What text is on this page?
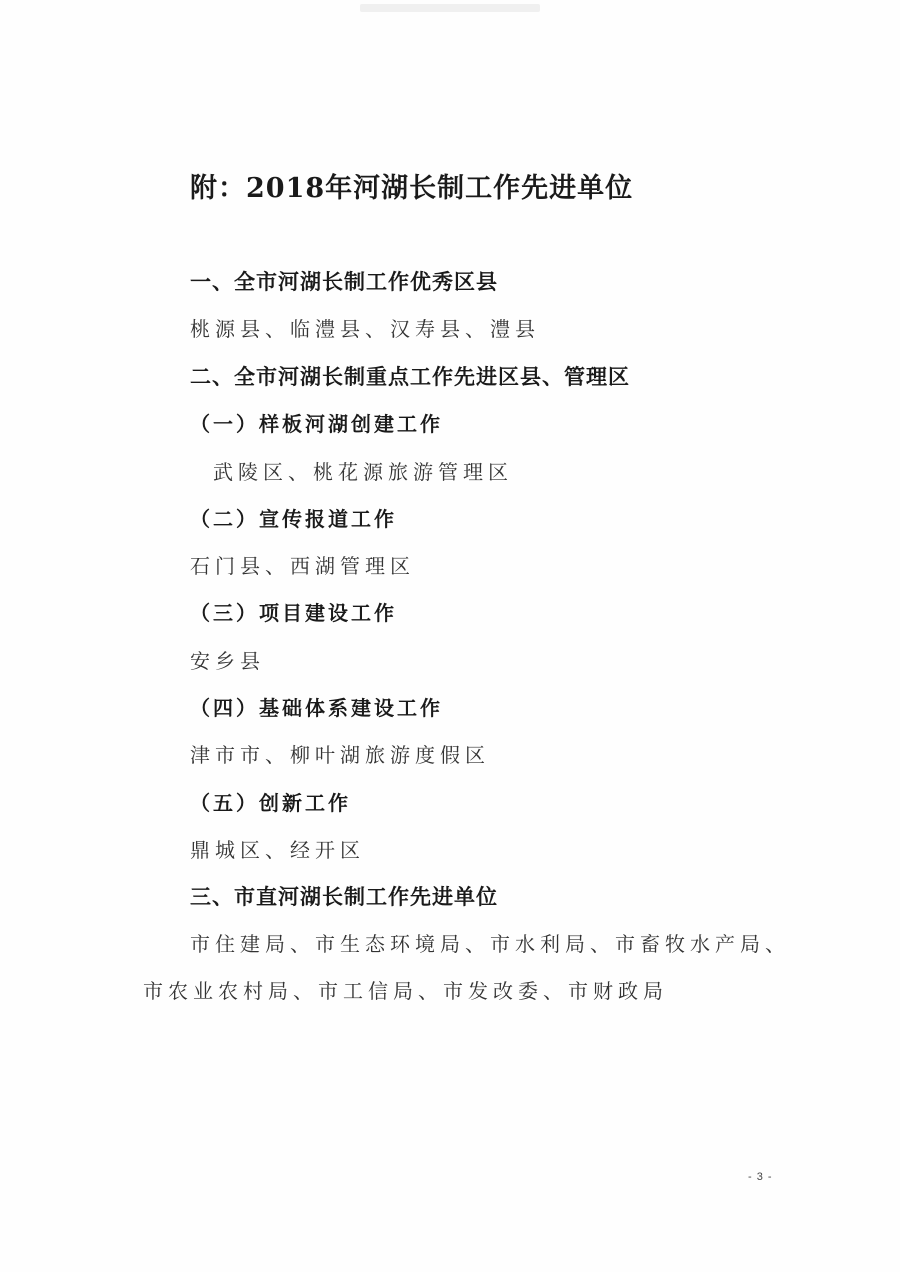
附：2018年河湖长制工作先进单位
一、全市河湖长制工作优秀区县
桃源县、临澧县、汉寿县、澧县
二、全市河湖长制重点工作先进区县、管理区
（一）样板河湖创建工作
武陵区、桃花源旅游管理区
（二）宣传报道工作
石门县、西湖管理区
（三）项目建设工作
安乡县
（四）基础体系建设工作
津市市、柳叶湖旅游度假区
（五）创新工作
鼎城区、经开区
三、市直河湖长制工作先进单位
市住建局、市生态环境局、市水利局、市畜牧水产局、
市农业农村局、市工信局、市发改委、市财政局
- 3 -
